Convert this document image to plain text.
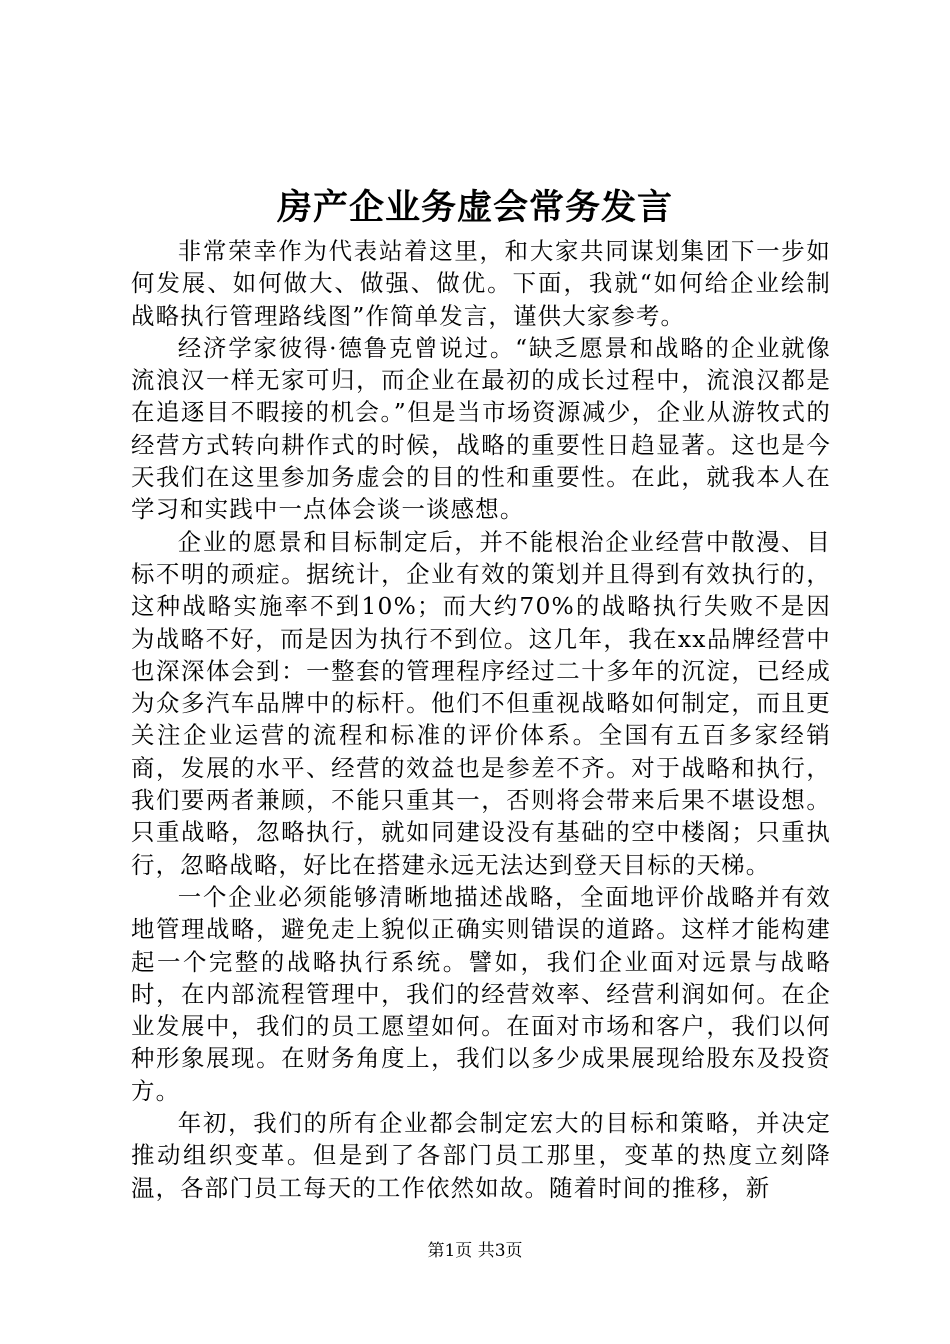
房产企业务虚会常务发言

非常荣幸作为代表站着这里，和大家共同谋划集团下一步如何发展、如何做大、做强、做优。下面，我就“如何给企业绘制战略执行管理路线图”作简单发言，谨供大家参考。

经济学家彼得·德鲁克曾说过。“缺乏愿景和战略的企业就像流浪汉一样无家可归，而企业在最初的成长过程中，流浪汉都是在追逐目不暇接的机会。”但是当市场资源减少，企业从游牧式的经营方式转向耕作式的时候，战略的重要性日趋显著。这也是今天我们在这里参加务虚会的目的性和重要性。在此，就我本人在学习和实践中一点体会谈一谈感想。

企业的愿景和目标制定后，并不能根治企业经营中散漫、目标不明的顽症。据统计，企业有效的策划并且得到有效执行的，这种战略实施率不到10%；而大约70%的战略执行失败不是因为战略不好，而是因为执行不到位。这几年，我在xx品牌经营中也深深体会到：一整套的管理程序经过二十多年的沉淀，已经成为众多汽车品牌中的标杆。他们不但重视战略如何制定，而且更关注企业运营的流程和标准的评价体系。全国有五百多家经销商，发展的水平、经营的效益也是参差不齐。对于战略和执行，我们要两者兼顾，不能只重其一，否则将会带来后果不堪设想。只重战略，忽略执行，就如同建设没有基础的空中楼阁；只重执行，忽略战略，好比在搭建永远无法达到登天目标的天梯。

一个企业必须能够清晰地描述战略，全面地评价战略并有效地管理战略，避免走上貌似正确实则错误的道路。这样才能构建起一个完整的战略执行系统。譬如，我们企业面对远景与战略时，在内部流程管理中，我们的经营效率、经营利润如何。在企业发展中，我们的员工愿望如何。在面对市场和客户，我们以何种形象展现。在财务角度上，我们以多少成果展现给股东及投资方。

年初，我们的所有企业都会制定宏大的目标和策略，并决定推动组织变革。但是到了各部门员工那里，变革的热度立刻降温，各部门员工每天的工作依然如故。随着时间的推移，新

第1页 共3页
